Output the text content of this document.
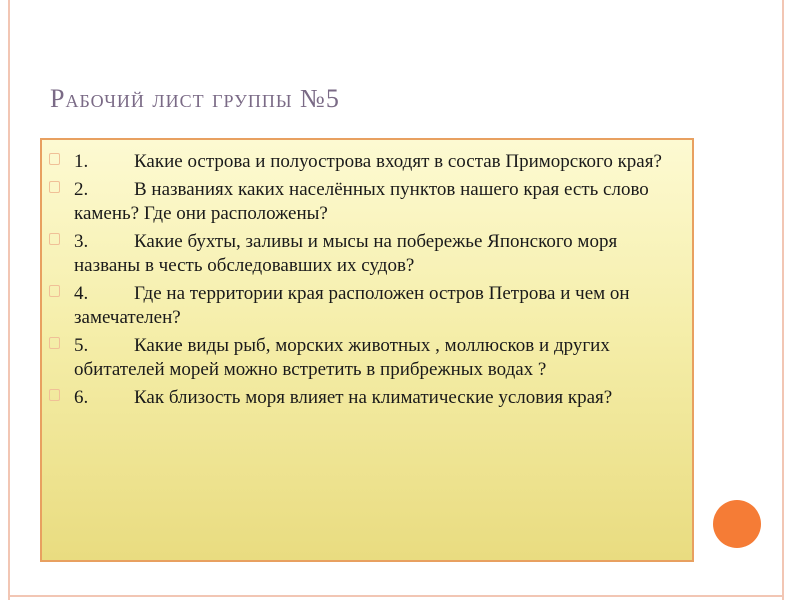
Рабочий лист группы №5
1. Какие острова и полуострова входят в состав Приморского края?
2. В названиях каких населённых пунктов нашего края есть слово камень? Где они расположены?
3. Какие бухты, заливы и мысы на побережье Японского моря названы в честь обследовавших их судов?
4. Где на территории края расположен остров Петрова и чем он замечателен?
5. Какие виды рыб, морских животных , моллюсков и других обитателей морей можно встретить в прибрежных водах ?
6. Как близость моря влияет на климатические условия края?
